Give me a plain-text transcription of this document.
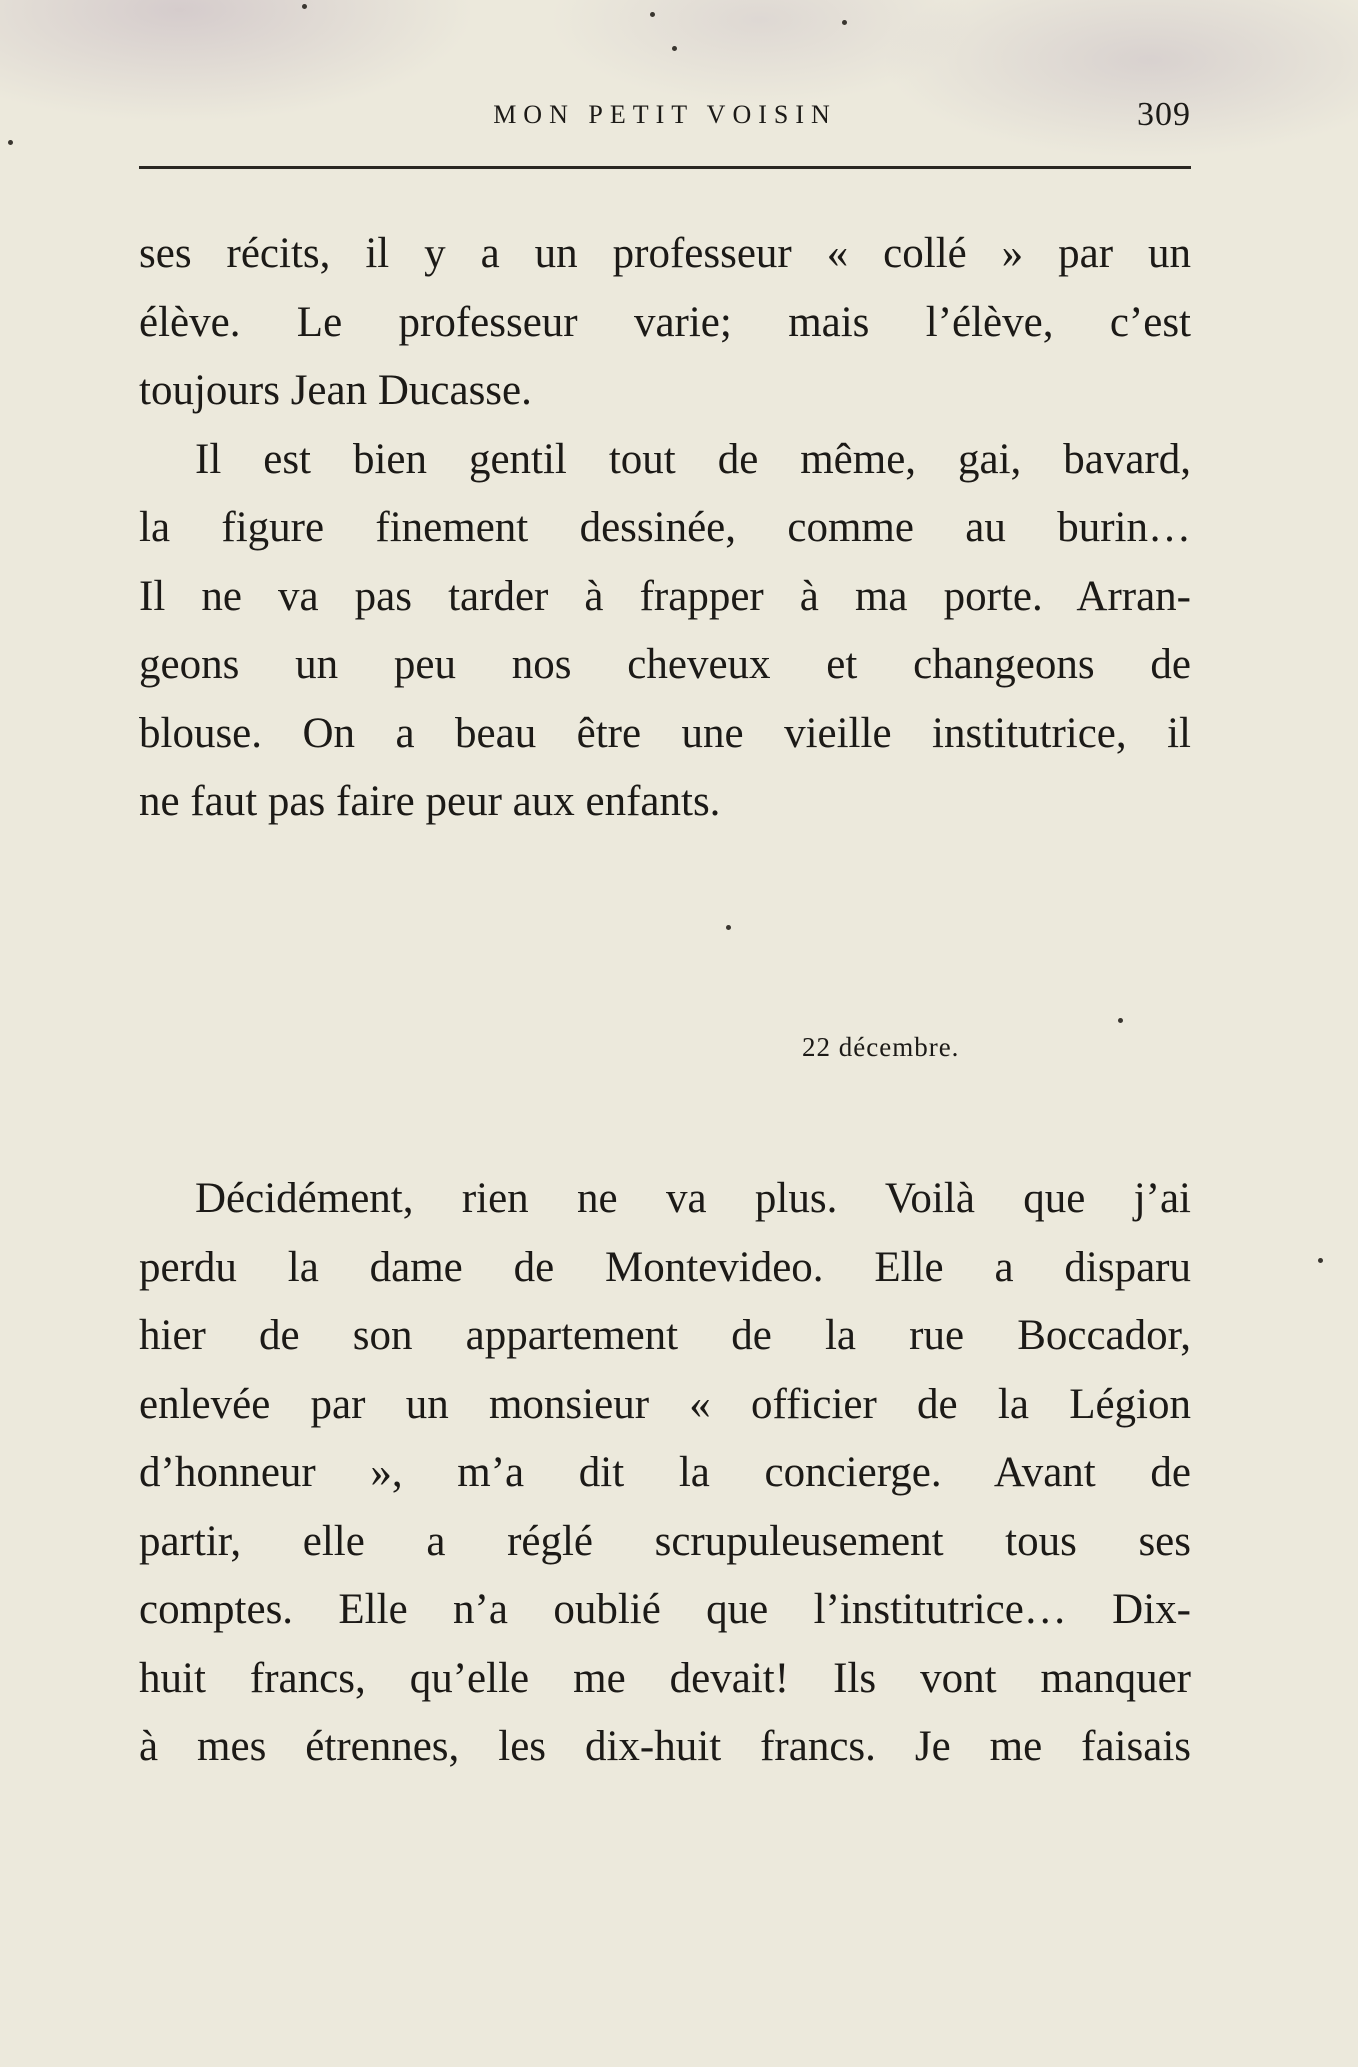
MON PETIT VOISIN	309
ses récits, il y a un professeur « collé » par un
élève. Le professeur varie; mais l’élève, c’est
toujours Jean Ducasse.
Il est bien gentil tout de même, gai, bavard,
la figure finement dessinée, comme au burin…
Il ne va pas tarder à frapper à ma porte. Arran-
geons un peu nos cheveux et changeons de
blouse. On a beau être une vieille institutrice, il
ne faut pas faire peur aux enfants.
22 décembre.
Décidément, rien ne va plus. Voilà que j’ai
perdu la dame de Montevideo. Elle a disparu
hier de son appartement de la rue Boccador,
enlevée par un monsieur « officier de la Légion
d’honneur », m’a dit la concierge. Avant de
partir, elle a réglé scrupuleusement tous ses
comptes. Elle n’a oublié que l’institutrice… Dix-
huit francs, qu’elle me devait! Ils vont manquer
à mes étrennes, les dix-huit francs. Je me faisais
